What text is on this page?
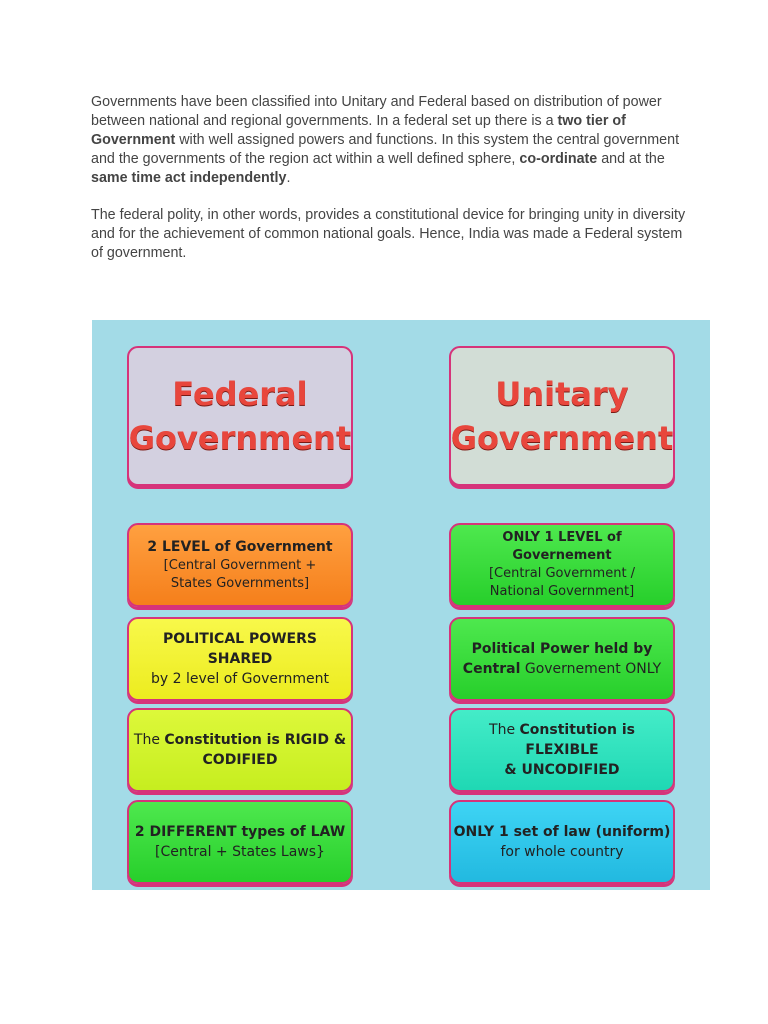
Governments have been classified into Unitary and Federal based on distribution of power between national and regional governments. In a federal set up there is a two tier of Government with well assigned powers and functions. In this system the central government and the governments of the region act within a well defined sphere, co-ordinate and at the same time act independently.

The federal polity, in other words, provides a constitutional device for bringing unity in diversity and for the achievement of common national goals. Hence, India was made a Federal system of government.

Federal
Government
Unitary
Government
2 LEVEL of Government
[Central Government + States Governments]
POLITICAL POWERS SHARED
by 2 level of Government
The Constitution is RIGID &
CODIFIED
2 DIFFERENT types of LAW
[Central + States Laws}
ONLY 1 LEVEL of Governement
[Central Government / National Government]
Political Power held by
Central Governement ONLY
The Constitution is FLEXIBLE
& UNCODIFIED
ONLY 1 set of law (uniform)
for whole country
